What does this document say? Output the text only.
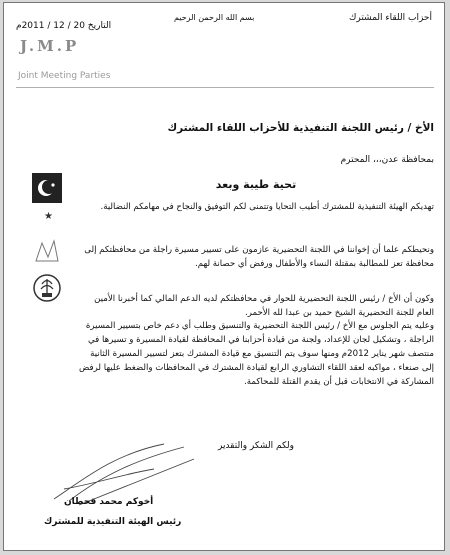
أحزاب اللقاء المشترك
بسم الله الرحمن الرحيم
التاريخ 20 / 12 / 2011م
J.M.P
Joint Meeting Parties
الأخ / رئيس اللجنة التنفيذية للأحزاب اللقاء المشترك
بمحافظة عدن،،، المحترم
تحية طيبة وبعد
تهديكم الهيئة التنفيذية للمشترك أطيب التحايا وتتمنى لكم التوفيق والنجاح في مهامكم النضالية.
ونحيطكم علما أن إخواننا في اللجنة التحضيرية عازمون على تسيير مسيرة راجلة من محافظتكم إلى محافظة تعز للمطالبة بمقتلة النساء والأطفال ورفض أي حصانة لهم.
وكون أن الأخ / رئيس اللجنة التحضيرية للحوار في محافظتكم لديه الدعم المالي كما أخبرنا الأمين العام للجنة التحضيرية الشيخ حميد بن عبدا لله الأحمر.
وعليه يتم الجلوس مع الأخ / رئيس اللجنة التحضيرية والتنسيق وطلب أي دعم خاص بتسيير المسيرة الراجلة ، وتشكيل لجان للإعداد، ولجنة من قيادة أحزابنا في المحافظة لقيادة المسيرة و تسيرها في منتصف شهر يناير 2012م ومنها سوف يتم التنسيق مع قيادة المشترك بتعز لتسيير المسيرة الثانية إلى صنعاء ، مواكبه لعقد اللقاء التشاوري الرابع لقيادة المشترك في المحافظات والضغط عليها لرفض المشاركة في الانتخابات قبل أن يقدم القتلة للمحاكمة.
ولكم الشكر والتقدير
★
أخوكم محمد قحطان
رئيس الهيئة التنفيذية للمشترك
